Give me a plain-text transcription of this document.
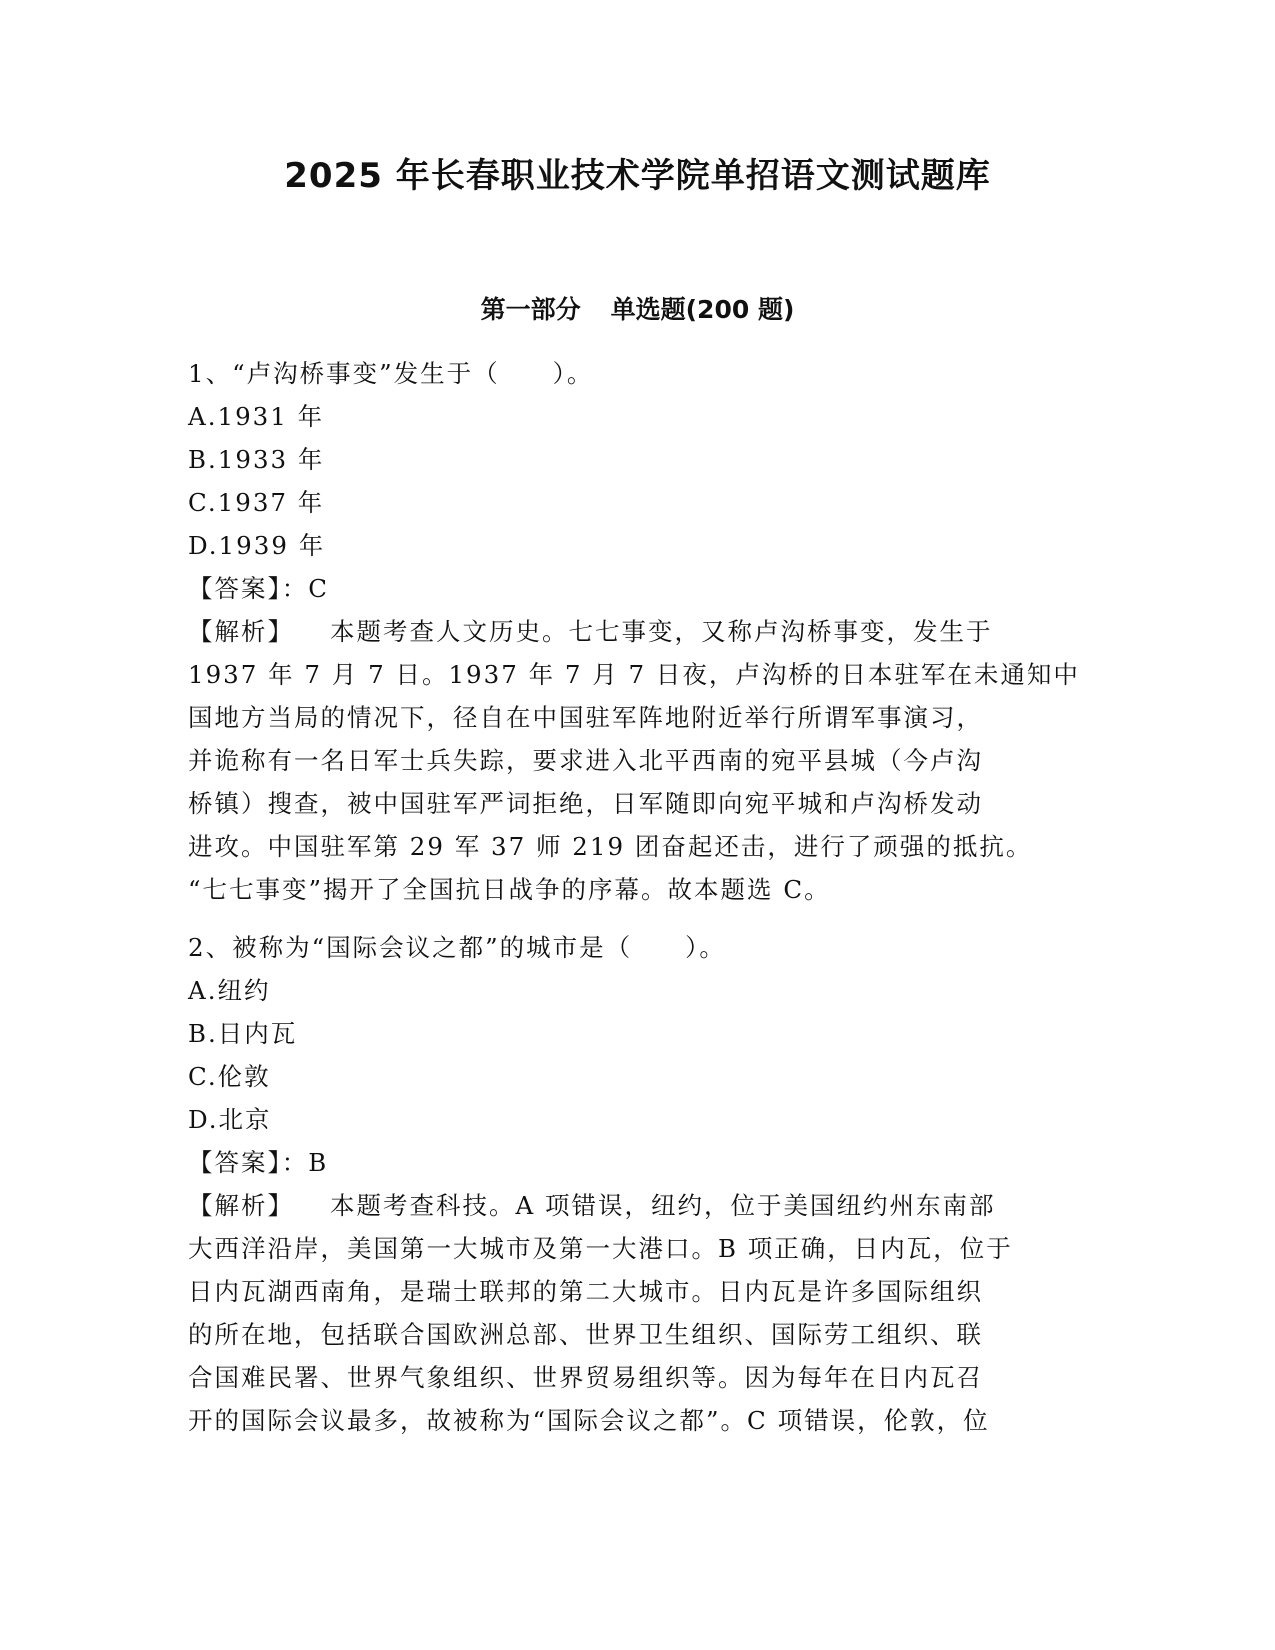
2025 年长春职业技术学院单招语文测试题库
第一部分 单选题(200 题)
1、“卢沟桥事变”发生于（　　）。
A.1931 年
B.1933 年
C.1937 年
D.1939 年
【答案】：C
【解析】 本题考查人文历史。七七事变，又称卢沟桥事变，发生于
1937 年 7 月 7 日。1937 年 7 月 7 日夜，卢沟桥的日本驻军在未通知中
国地方当局的情况下，径自在中国驻军阵地附近举行所谓军事演习，
并诡称有一名日军士兵失踪，要求进入北平西南的宛平县城（今卢沟
桥镇）搜查，被中国驻军严词拒绝，日军随即向宛平城和卢沟桥发动
进攻。中国驻军第 29 军 37 师 219 团奋起还击，进行了顽强的抵抗。
“七七事变”揭开了全国抗日战争的序幕。故本题选 C。
2、被称为“国际会议之都”的城市是（　　）。
A.纽约
B.日内瓦
C.伦敦
D.北京
【答案】：B
【解析】 本题考查科技。A 项错误，纽约，位于美国纽约州东南部
大西洋沿岸，美国第一大城市及第一大港口。B 项正确，日内瓦，位于
日内瓦湖西南角，是瑞士联邦的第二大城市。日内瓦是许多国际组织
的所在地，包括联合国欧洲总部、世界卫生组织、国际劳工组织、联
合国难民署、世界气象组织、世界贸易组织等。因为每年在日内瓦召
开的国际会议最多，故被称为“国际会议之都”。C 项错误，伦敦，位
